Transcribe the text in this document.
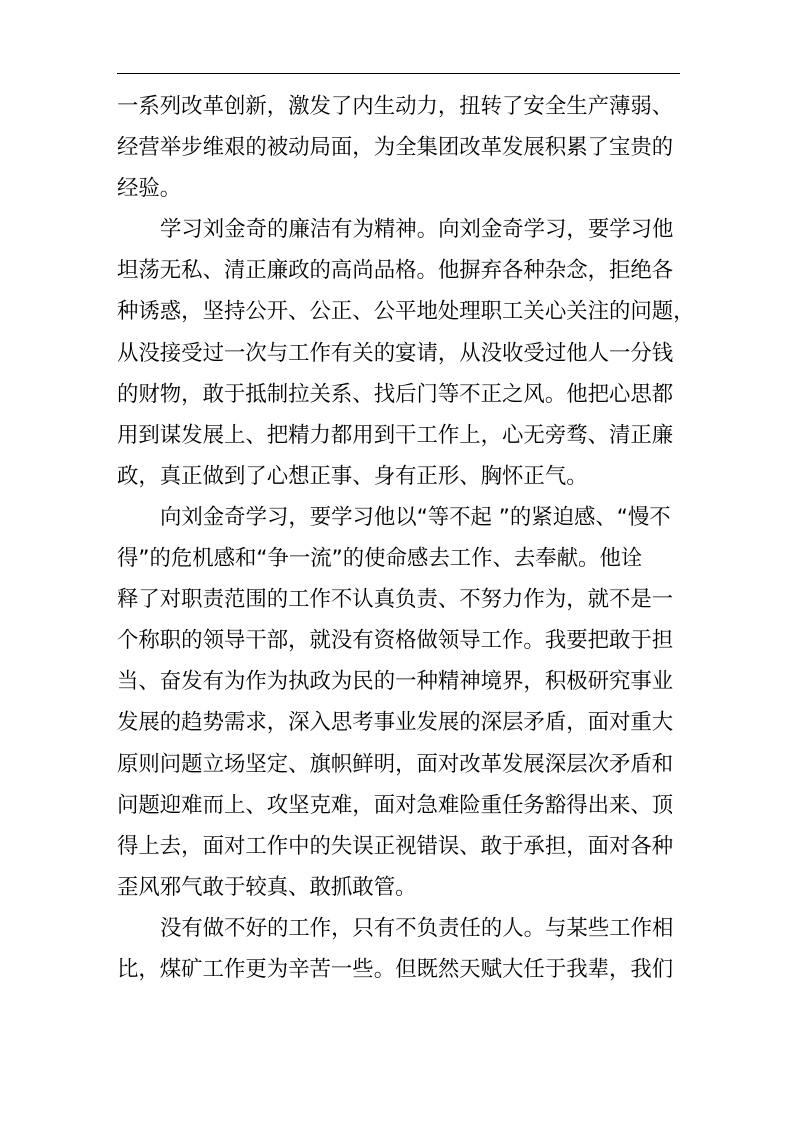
一系列改革创新，激发了内生动力，扭转了安全生产薄弱、
经营举步维艰的被动局面，为全集团改革发展积累了宝贵的
经验。
学习刘金奇的廉洁有为精神。向刘金奇学习，要学习他
坦荡无私、清正廉政的高尚品格。他摒弃各种杂念，拒绝各
种诱惑，坚持公开、公正、公平地处理职工关心关注的问题，
从没接受过一次与工作有关的宴请，从没收受过他人一分钱
的财物，敢于抵制拉关系、找后门等不正之风。他把心思都
用到谋发展上、把精力都用到干工作上，心无旁骛、清正廉
政，真正做到了心想正事、身有正形、胸怀正气。
向刘金奇学习，要学习他以“等不起 ”的紧迫感、“慢不
得”的危机感和“争一流”的使命感去工作、去奉献。他诠
释了对职责范围的工作不认真负责、不努力作为，就不是一
个称职的领导干部，就没有资格做领导工作。我要把敢于担
当、奋发有为作为执政为民的一种精神境界，积极研究事业
发展的趋势需求，深入思考事业发展的深层矛盾，面对重大
原则问题立场坚定、旗帜鲜明，面对改革发展深层次矛盾和
问题迎难而上、攻坚克难，面对急难险重任务豁得出来、顶
得上去，面对工作中的失误正视错误、敢于承担，面对各种
歪风邪气敢于较真、敢抓敢管。
没有做不好的工作，只有不负责任的人。与某些工作相
比，煤矿工作更为辛苦一些。但既然天赋大任于我辈，我们
